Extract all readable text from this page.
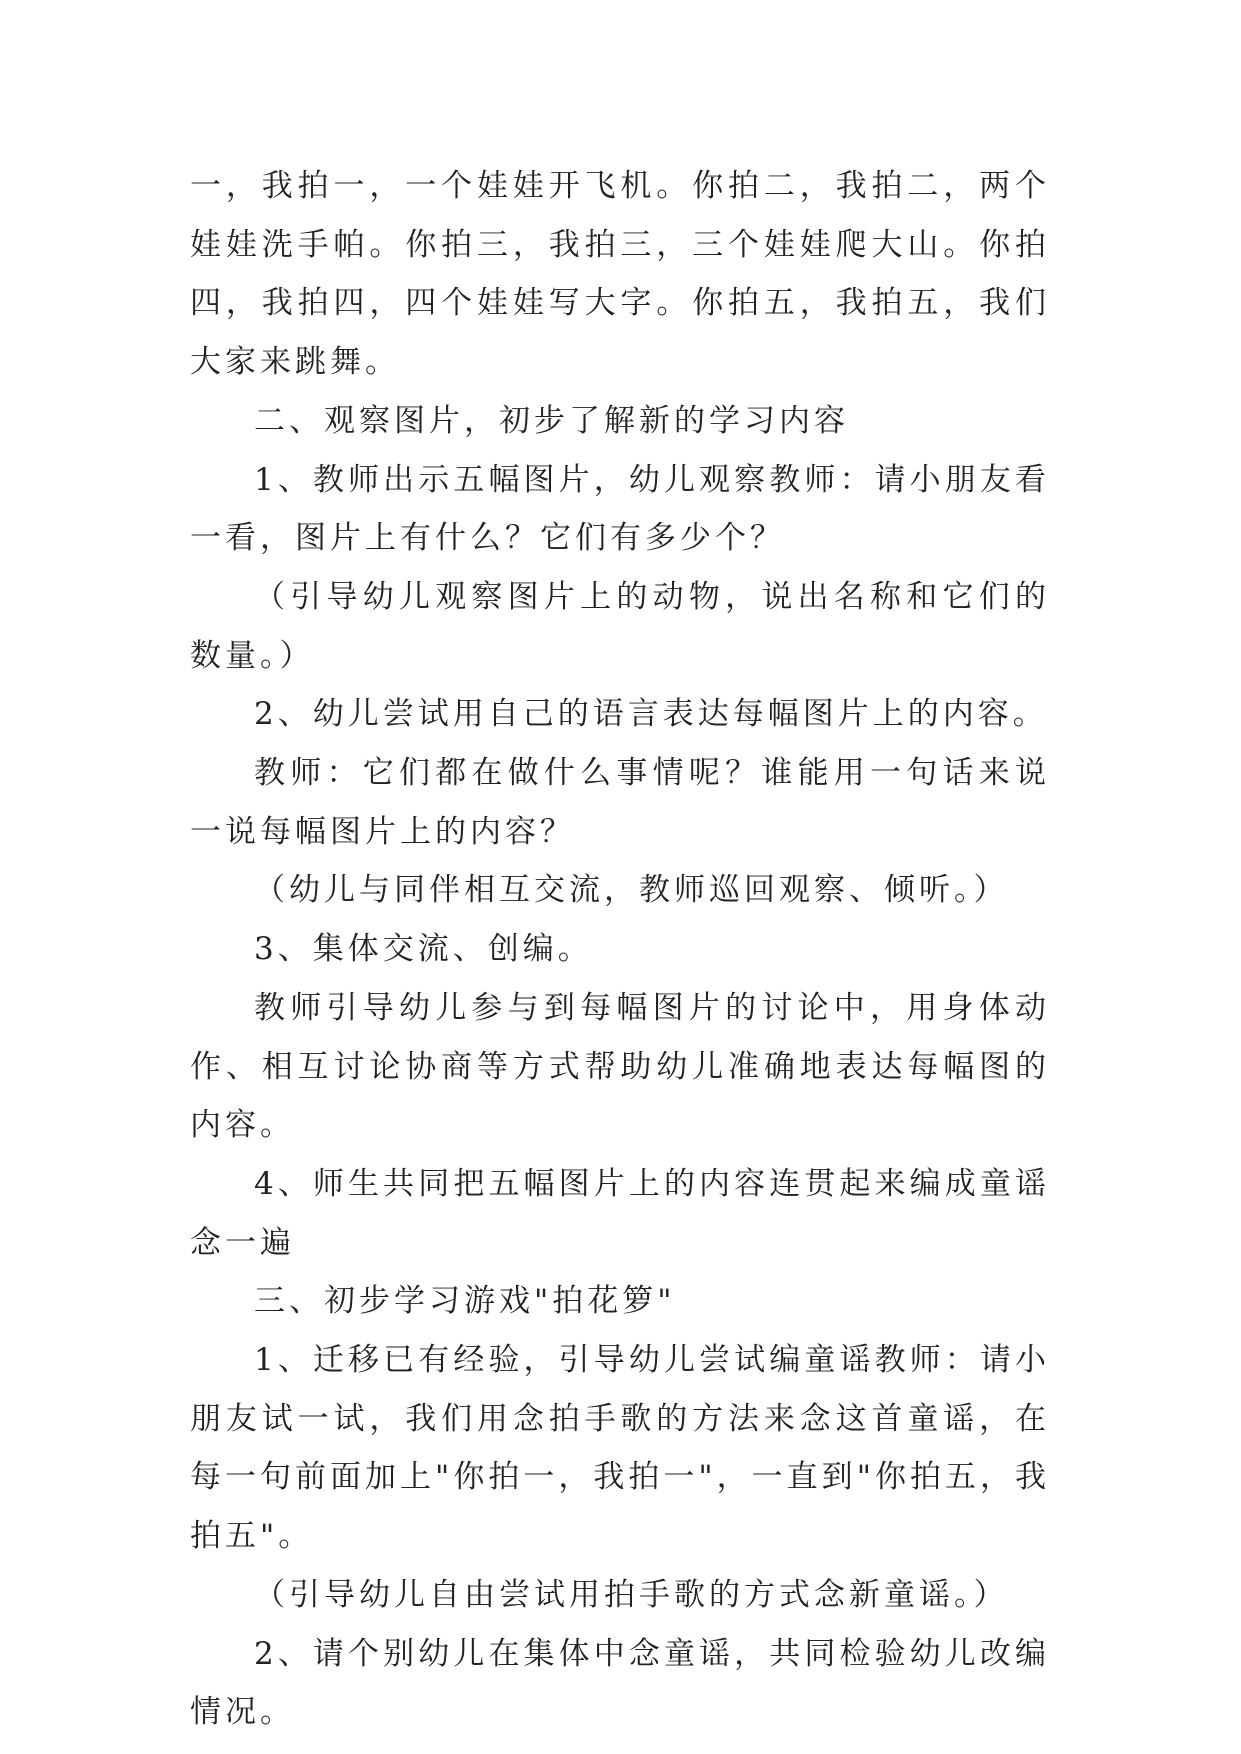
一，我拍一，一个娃娃开飞机。你拍二，我拍二，两个娃娃洗手帕。你拍三，我拍三，三个娃娃爬大山。你拍四，我拍四，四个娃娃写大字。你拍五，我拍五，我们大家来跳舞。

二、观察图片，初步了解新的学习内容

1、教师出示五幅图片，幼儿观察教师：请小朋友看一看，图片上有什么？它们有多少个？

（引导幼儿观察图片上的动物，说出名称和它们的数量。）

2、幼儿尝试用自己的语言表达每幅图片上的内容。

教师：它们都在做什么事情呢？谁能用一句话来说一说每幅图片上的内容？

（幼儿与同伴相互交流，教师巡回观察、倾听。）

3、集体交流、创编。

教师引导幼儿参与到每幅图片的讨论中，用身体动作、相互讨论协商等方式帮助幼儿准确地表达每幅图的内容。

4、师生共同把五幅图片上的内容连贯起来编成童谣念一遍

三、初步学习游戏"拍花箩"

1、迁移已有经验，引导幼儿尝试编童谣教师：请小朋友试一试，我们用念拍手歌的方法来念这首童谣，在每一句前面加上"你拍一，我拍一"，一直到"你拍五，我拍五"。

（引导幼儿自由尝试用拍手歌的方式念新童谣。）

2、请个别幼儿在集体中念童谣，共同检验幼儿改编情况。
